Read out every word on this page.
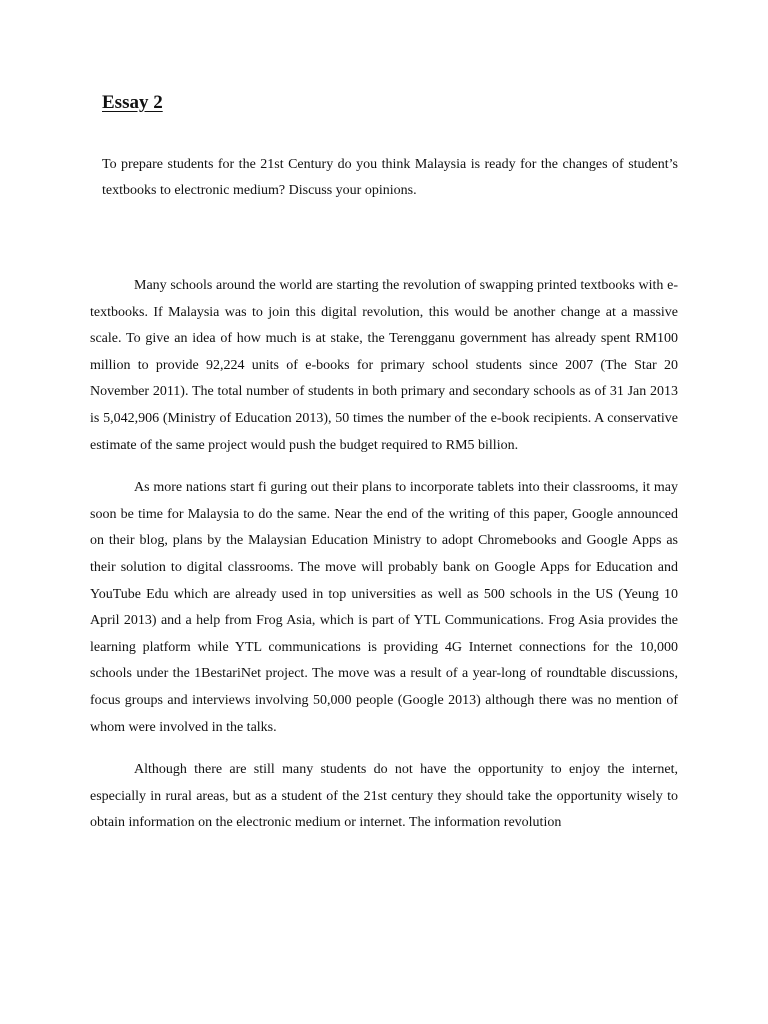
Essay 2

To prepare students for the 21st Century do you think Malaysia is ready for the changes of student’s textbooks to electronic medium? Discuss your opinions.

Many schools around the world are starting the revolution of swapping printed textbooks with e-textbooks. If Malaysia was to join this digital revolution, this would be another change at a massive scale. To give an idea of how much is at stake, the Terengganu government has already spent RM100 million to provide 92,224 units of e-books for primary school students since 2007 (The Star 20 November 2011). The total number of students in both primary and secondary schools as of 31 Jan 2013 is 5,042,906 (Ministry of Education 2013), 50 times the number of the e-book recipients. A conservative estimate of the same project would push the budget required to RM5 billion.

As more nations start fi guring out their plans to incorporate tablets into their classrooms, it may soon be time for Malaysia to do the same. Near the end of the writing of this paper, Google announced on their blog, plans by the Malaysian Education Ministry to adopt Chromebooks and Google Apps as their solution to digital classrooms. The move will probably bank on Google Apps for Education and YouTube Edu which are already used in top universities as well as 500 schools in the US (Yeung 10 April 2013) and a help from Frog Asia, which is part of YTL Communications. Frog Asia provides the learning platform while YTL communications is providing 4G Internet connections for the 10,000 schools under the 1BestariNet project. The move was a result of a year-long of roundtable discussions, focus groups and interviews involving 50,000 people (Google 2013) although there was no mention of whom were involved in the talks.

Although there are still many students do not have the opportunity to enjoy the internet, especially in rural areas, but as a student of the 21st century they should take the opportunity wisely to obtain information on the electronic medium or internet. The information revolution
